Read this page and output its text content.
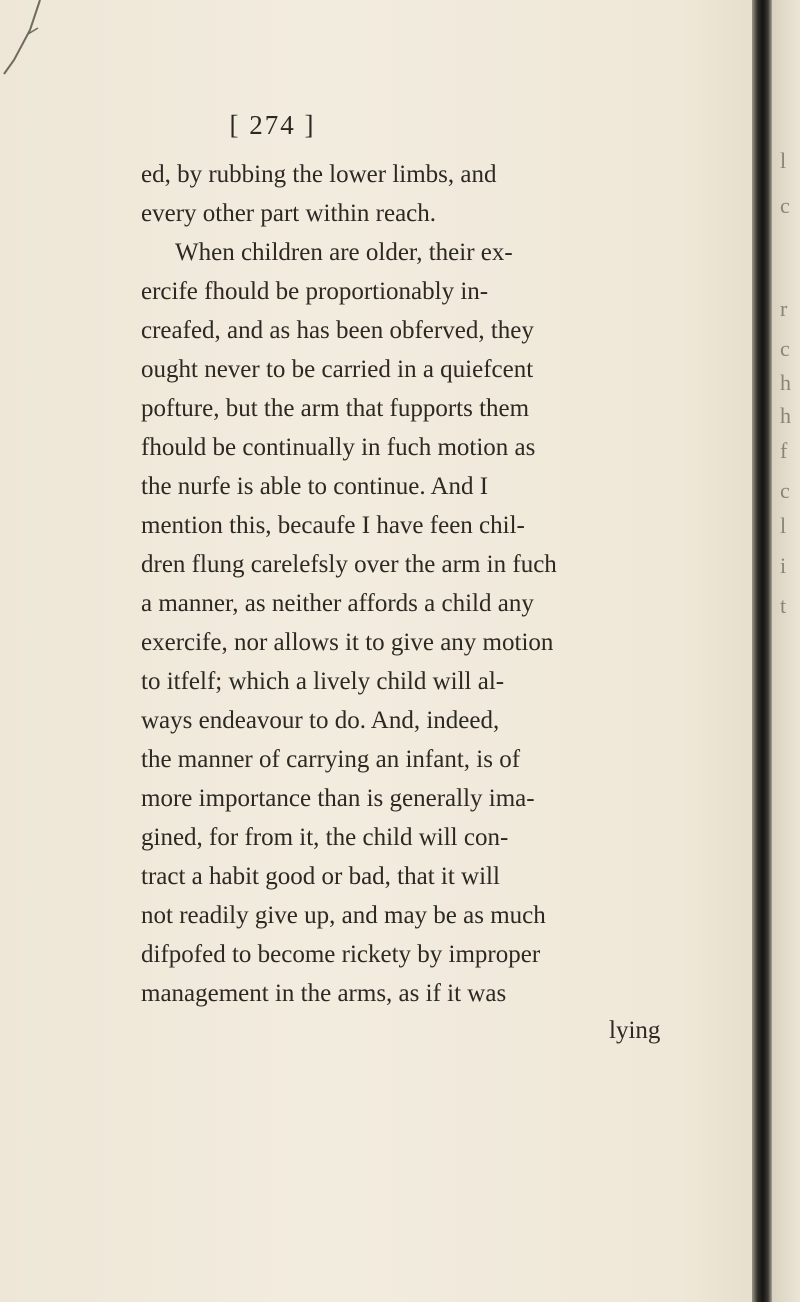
l
c
r
c
h
h
f
c
l
i
t
[ 274 ]
ed, by rubbing the lower limbs, and
every other part within reach.
When children are older, their ex-
ercife fhould be proportionably in-
creafed, and as has been obferved, they
ought never to be carried in a quiefcent
pofture, but the arm that fupports them
fhould be continually in fuch motion as
the nurfe is able to continue. And I
mention this, becaufe I have feen chil-
dren flung carelefsly over the arm in fuch
a manner, as neither affords a child any
exercife, nor allows it to give any motion
to itfelf; which a lively child will al-
ways endeavour to do. And, indeed,
the manner of carrying an infant, is of
more importance than is generally ima-
gined, for from it, the child will con-
tract a habit good or bad, that it will
not readily give up, and may be as much
difpofed to become rickety by improper
management in the arms, as if it was
lying
